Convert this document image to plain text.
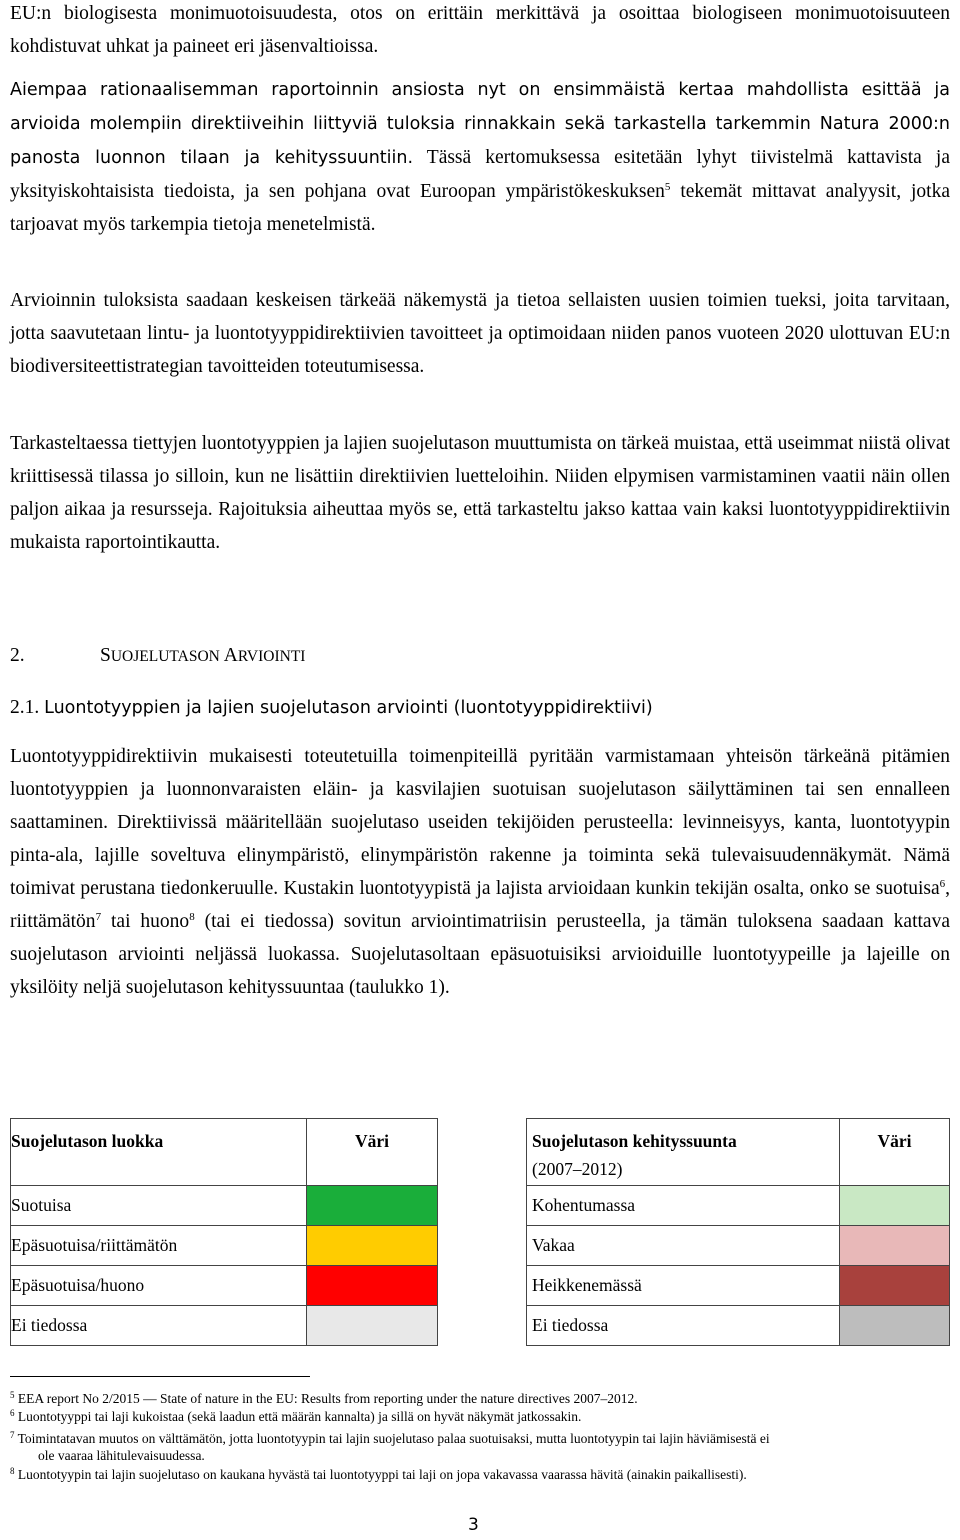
EU:n biologisesta monimuotoisuudesta, otos on erittäin merkittävä ja osoittaa biologiseen monimuotoisuuteen kohdistuvat uhkat ja paineet eri jäsenvaltioissa.

Aiempaa rationaalisemman raportoinnin ansiosta nyt on ensimmäistä kertaa mahdollista esittää ja arvioida molempiin direktiiveihin liittyviä tuloksia rinnakkain sekä tarkastella tarkemmin Natura 2000:n panosta luonnon tilaan ja kehityssuuntiin. Tässä kertomuksessa esitetään lyhyt tiivistelmä kattavista ja yksityiskohtaisista tiedoista, ja sen pohjana ovat Euroopan ympäristökeskuksen$^5$ tekemät mittavat analyysit, jotka tarjoavat myös tarkempia tietoja menetelmistä.

Arvioinnin tuloksista saadaan keskeisen tärkeää näkemystä ja tietoa sellaisten uusien toimien tueksi, joita tarvitaan, jotta saavutetaan lintu- ja luontotyyppidirektiivien tavoitteet ja optimoidaan niiden panos vuoteen 2020 ulottuvan EU:n biodiversiteettistrategian tavoitteiden toteutumisessa.

Tarkasteltaessa tiettyjen luontotyyppien ja lajien suojelutason muuttumista on tärkeä muistaa, että useimmat niistä olivat kriittisessä tilassa jo silloin, kun ne lisättiin direktiivien luetteloihin. Niiden elpymisen varmistaminen vaatii näin ollen paljon aikaa ja resursseja. Rajoituksia aiheuttaa myös se, että tarkasteltu jakso kattaa vain kaksi luontotyyppidirektiivin mukaista raportointikautta.

2.	SUOJELUTASON ARVIOINTI
2.1. Luontotyyppien ja lajien suojelutason arviointi (luontotyyppidirektiivi)

Luontotyyppidirektiivin mukaisesti toteutetuilla toimenpiteillä pyritään varmistamaan yhteisön tärkeänä pitämien luontotyyppien ja luonnonvaraisten eläin- ja kasvilajien suotuisan suojelutason säilyttäminen tai sen ennalleen saattaminen. Direktiivissä määritellään suojelutaso useiden tekijöiden perusteella: levinneisyys, kanta, luontotyypin pinta-ala, lajille soveltuva elinympäristö, elinympäristön rakenne ja toiminta sekä tulevaisuudennäkymät. Nämä toimivat perustana tiedonkeruulle. Kustakin luontotyypistä ja lajista arvioidaan kunkin tekijän osalta, onko se suotuisa$^6$, riittämätön$^7$ tai huono$^8$ (tai ei tiedossa) sovitun arviointimatriisin perusteella, ja tämän tuloksena saadaan kattava suojelutason arviointi neljässä luokassa. Suojelutasoltaan epäsuotuisiksi arvioiduille luontotyypeille ja lajeille on yksilöity neljä suojelutason kehityssuuntaa (taulukko 1).

Suojelutason luokka	Väri

Suotuisa	

Epäsuotuisa/riittämätön	

Epäsuotuisa/huono	

Ei tiedossa	
Suojelutason kehityssuunta
(2007–2012)	Väri

Kohentumassa	

Vakaa	

Heikkenemässä	

Ei tiedossa	
$^5$ EEA report No 2/2015 — State of nature in the EU: Results from reporting under the nature directives 2007–2012.
$^6$ Luontotyyppi tai laji kukoistaa (sekä laadun että määrän kannalta) ja sillä on hyvät näkymät jatkossakin.
$^7$ Toimintatavan muutos on välttämätön, jotta luontotyypin tai lajin suojelutaso palaa suotuisaksi, mutta luontotyypin tai lajin häviämisestä ei
ole vaaraa lähitulevaisuudessa.
$^8$ Luontotyypin tai lajin suojelutaso on kaukana hyvästä tai luontotyyppi tai laji on jopa vakavassa vaarassa hävitä (ainakin paikallisesti).
3
